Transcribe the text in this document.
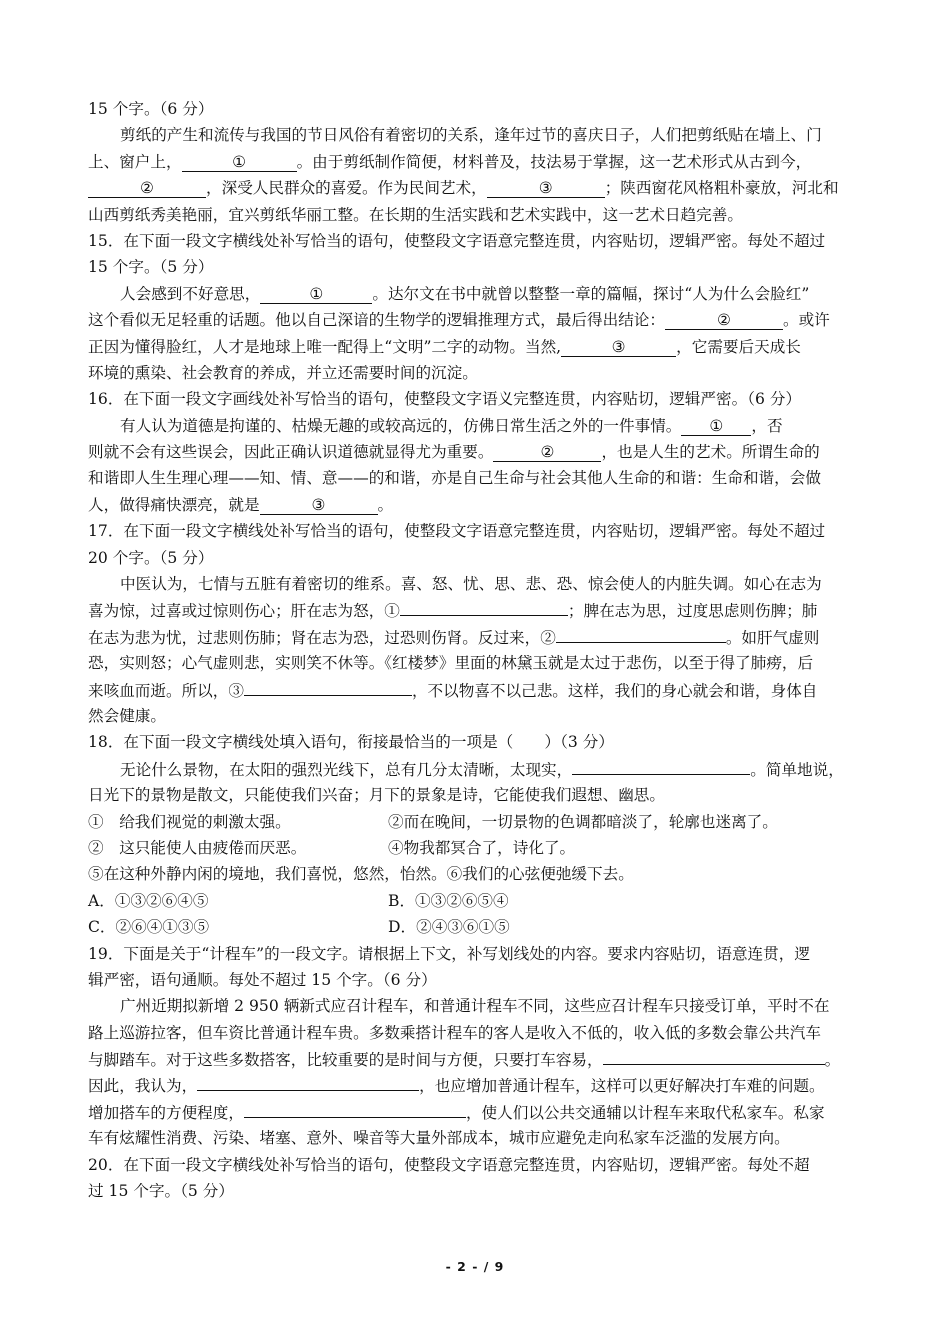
15 个字。（6 分）
剪纸的产生和流传与我国的节日风俗有着密切的关系，逢年过节的喜庆日子，人们把剪纸贴在墙上、门
上、窗户上，	①	。由于剪纸制作简便，材料普及，技法易于掌握，这一艺术形式从古到今，
②	，深受人民群众的喜爱。作为民间艺术，	③	；陕西窗花风格粗朴豪放，河北和
山西剪纸秀美艳丽，宜兴剪纸华丽工整。在长期的生活实践和艺术实践中，这一艺术日趋完善。
15．在下面一段文字横线处补写恰当的语句，使整段文字语意完整连贯，内容贴切，逻辑严密。每处不超过
15 个字。（5 分）
人会感到不好意思，	①	。达尔文在书中就曾以整整一章的篇幅，探讨“人为什么会脸红”
这个看似无足轻重的话题。他以自己深谙的生物学的逻辑推理方式，最后得出结论：	②	。或许
正因为懂得脸红，人才是地球上唯一配得上“文明”二字的动物。当然,	③	，它需要后天成长
环境的熏染、社会教育的养成，并立还需要时间的沉淀。
16．在下面一段文字画线处补写恰当的语句，使整段文字语义完整连贯，内容贴切，逻辑严密。（6 分）
有人认为道德是拘谨的、枯燥无趣的或较高远的，仿佛日常生活之外的一件事情。 ① ，否
则就不会有这些误会，因此正确认识道德就显得尤为重要。	②	，也是人生的艺术。所谓生命的
和谐即人生生理心理——知、情、意——的和谐，亦是自己生命与社会其他人生命的和谐：生命和谐，会做
人，做得痛快漂亮，就是	③	。
17．在下面一段文字横线处补写恰当的语句，使整段文字语意完整连贯，内容贴切，逻辑严密。每处不超过
20 个字。（5 分）
中医认为，七情与五脏有着密切的维系。喜、怒、忧、思、悲、恐、惊会使人的内脏失调。如心在志为
喜为惊，过喜或过惊则伤心；肝在志为怒，①	；脾在志为思，过度思虑则伤脾；肺
在志为悲为忧，过悲则伤肺；肾在志为恐，过恐则伤肾。反过来，②	。如肝气虚则
恐，实则怒；心气虚则悲，实则笑不休等。《红楼梦》里面的林黛玉就是太过于悲伤，以至于得了肺痨，后
来咳血而逝。所以，③	，不以物喜不以己悲。这样，我们的身心就会和谐，身体自
然会健康。
18．在下面一段文字横线处填入语句，衔接最恰当的一项是（　　）（3 分）
无论什么景物，在太阳的强烈光线下，总有几分太清晰，太现实，	。简单地说，
日光下的景物是散文，只能使我们兴奋；月下的景象是诗，它能使我们遐想、幽思。
①　给我们视觉的刺激太强。	②而在晚间，一切景物的色调都暗淡了，轮廓也迷离了。
②　这只能使人由疲倦而厌恶。	④物我都冥合了，诗化了。
⑤在这种外静内闲的境地，我们喜悦，悠然，怡然。⑥我们的心弦便弛缓下去。
A．①③②⑥④⑤	B．①③②⑥⑤④
C．②⑥④①③⑤	D．②④③⑥①⑤
19．下面是关于“计程车”的一段文字。请根据上下文，补写划线处的内容。要求内容贴切，语意连贯，逻
辑严密，语句通顺。每处不超过 15 个字。（6 分）
广州近期拟新增 2 950 辆新式应召计程车，和普通计程车不同，这些应召计程车只接受订单，平时不在
路上巡游拉客，但车资比普通计程车贵。多数乘搭计程车的客人是收入不低的，收入低的多数会靠公共汽车
与脚踏车。对于这些多数搭客，比较重要的是时间与方便，只要打车容易，	。
因此，我认为，	，也应增加普通计程车，这样可以更好解决打车难的问题。
增加搭车的方便程度，	，使人们以公共交通辅以计程车来取代私家车。私家
车有炫耀性消费、污染、堵塞、意外、噪音等大量外部成本，城市应避免走向私家车泛滥的发展方向。
20．在下面一段文字横线处补写恰当的语句，使整段文字语意完整连贯，内容贴切，逻辑严密。每处不超
过 15 个字。（5 分）
- 2 - / 9
